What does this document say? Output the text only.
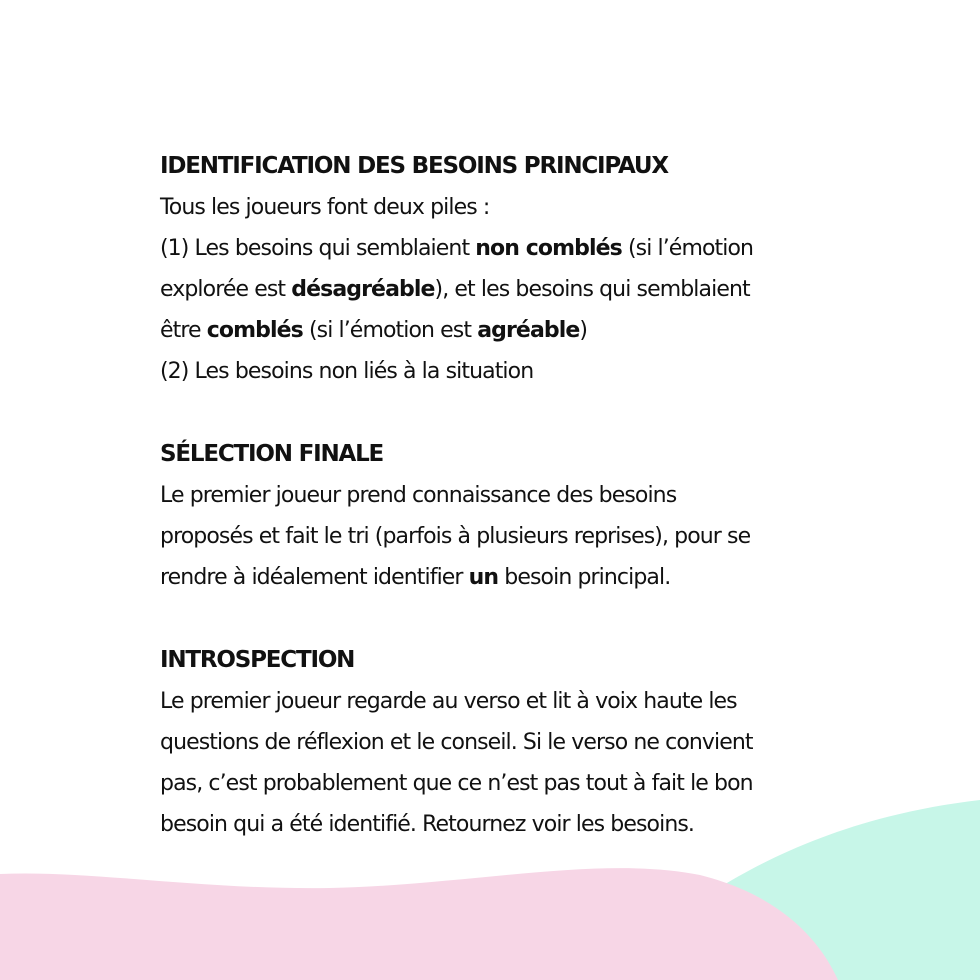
IDENTIFICATION DES BESOINS PRINCIPAUX

Tous les joueurs font deux piles :

(1) Les besoins qui semblaient non comblés (si l’émotion

explorée est désagréable), et les besoins qui semblaient

être comblés (si l’émotion est agréable)

(2) Les besoins non liés à la situation

SÉLECTION FINALE

Le premier joueur prend connaissance des besoins

proposés et fait le tri (parfois à plusieurs reprises), pour se

rendre à idéalement identifier un besoin principal.

INTROSPECTION

Le premier joueur regarde au verso et lit à voix haute les

questions de réflexion et le conseil. Si le verso ne convient

pas, c’est probablement que ce n’est pas tout à fait le bon

besoin qui a été identifié. Retournez voir les besoins.
